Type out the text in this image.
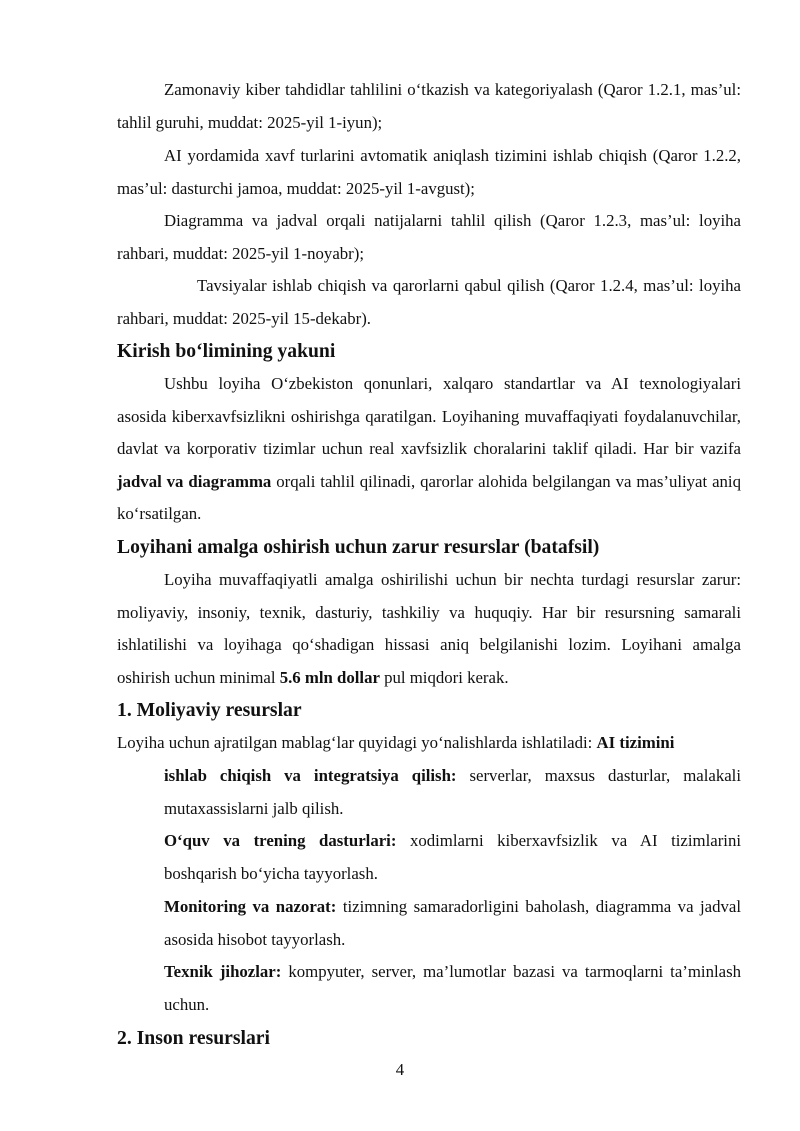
Zamonaviy kiber tahdidlar tahlilini o‘tkazish va kategoriyalash (Qaror 1.2.1, mas’ul: tahlil guruhi, muddat: 2025-yil 1-iyun);

AI yordamida xavf turlarini avtomatik aniqlash tizimini ishlab chiqish (Qaror 1.2.2, mas’ul: dasturchi jamoa, muddat: 2025-yil 1-avgust);

Diagramma va jadval orqali natijalarni tahlil qilish (Qaror 1.2.3, mas’ul: loyiha rahbari, muddat: 2025-yil 1-noyabr);

Tavsiyalar ishlab chiqish va qarorlarni qabul qilish (Qaror 1.2.4, mas’ul: loyiha rahbari, muddat: 2025-yil 15-dekabr).

Kirish bo‘limining yakuni

Ushbu loyiha O‘zbekiston qonunlari, xalqaro standartlar va AI texnologiyalari asosida kiberxavfsizlikni oshirishga qaratilgan. Loyihaning muvaffaqiyati foydalanuvchilar, davlat va korporativ tizimlar uchun real xavfsizlik choralarini taklif qiladi. Har bir vazifa jadval va diagramma orqali tahlil qilinadi, qarorlar alohida belgilangan va mas’uliyat aniq ko‘rsatilgan.

Loyihani amalga oshirish uchun zarur resurslar (batafsil)

Loyiha muvaffaqiyatli amalga oshirilishi uchun bir nechta turdagi resurslar zarur: moliyaviy, insoniy, texnik, dasturiy, tashkiliy va huquqiy. Har bir resursning samarali ishlatilishi va loyihaga qo‘shadigan hissasi aniq belgilanishi lozim. Loyihani amalga oshirish uchun minimal 5.6 mln dollar pul miqdori kerak.

1. Moliyaviy resurslar

Loyiha uchun ajratilgan mablag‘lar quyidagi yo‘nalishlarda ishlatiladi: AI tizimini

ishlab chiqish va integratsiya qilish: serverlar, maxsus dasturlar, malakali mutaxassislarni jalb qilish.

O‘quv va trening dasturlari: xodimlarni kiberxavfsizlik va AI tizimlarini boshqarish bo‘yicha tayyorlash.

Monitoring va nazorat: tizimning samaradorligini baholash, diagramma va jadval asosida hisobot tayyorlash.

Texnik jihozlar: kompyuter, server, ma’lumotlar bazasi va tarmoqlarni ta’minlash uchun.

2. Inson resurslari
4
